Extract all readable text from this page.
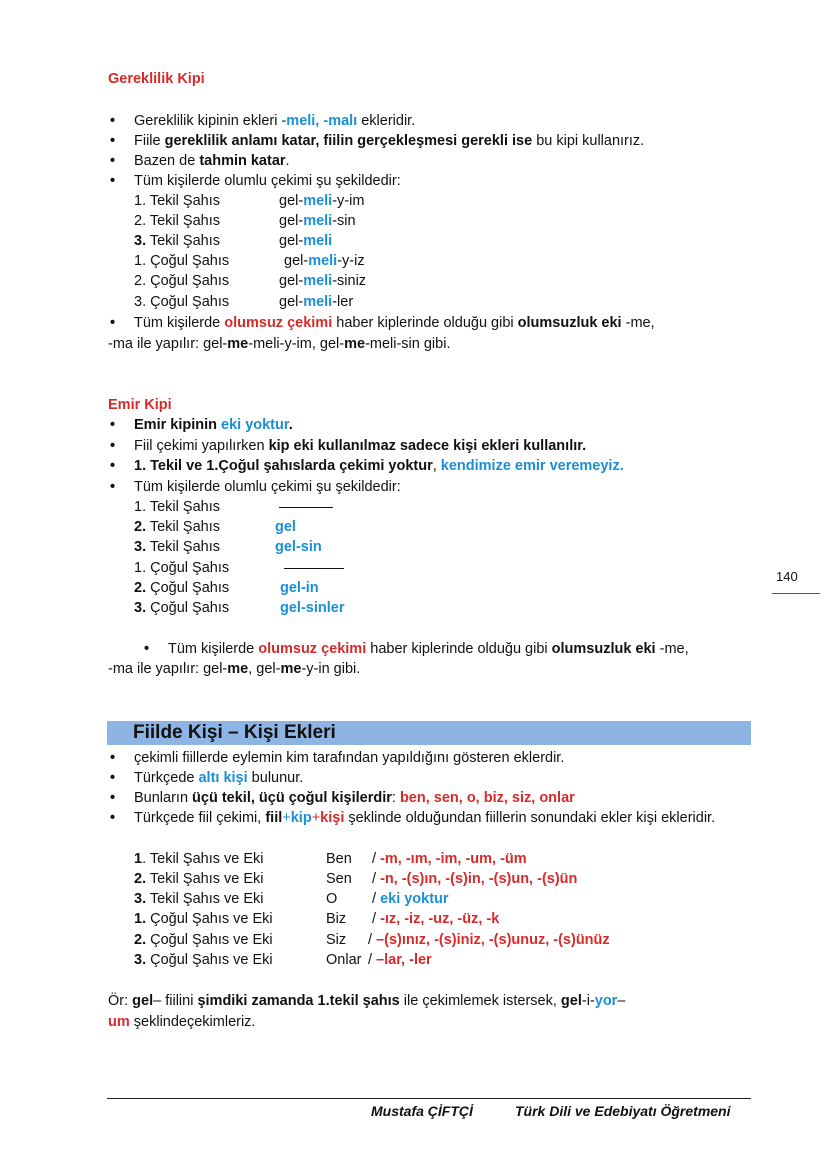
Gereklilik Kipi
• Gereklilik kipinin ekleri -meli, -malı ekleridir.
• Fiile gereklilik anlamı katar, fiilin gerçekleşmesi gerekli ise bu kipi kullanırız.
• Bazen de tahmin katar.
• Tüm kişilerde olumlu çekimi şu şekildedir:
1. Tekil Şahıs	gel-meli-y-im
2. Tekil Şahıs	gel-meli-sin
3. Tekil Şahıs	gel-meli
1. Çoğul Şahıs	gel-meli-y-iz
2. Çoğul Şahıs	gel-meli-siniz
3. Çoğul Şahıs	gel-meli-ler
• Tüm kişilerde olumsuz çekimi haber kiplerinde olduğu gibi olumsuzluk eki -me,
-ma ile yapılır: gel-me-meli-y-im, gel-me-meli-sin gibi.
Emir Kipi
• Emir kipinin eki yoktur.
• Fiil çekimi yapılırken kip eki kullanılmaz sadece kişi ekleri kullanılır.
• 1. Tekil ve 1.Çoğul şahıslarda çekimi yoktur, kendimize emir veremeyiz.
• Tüm kişilerde olumlu çekimi şu şekildedir:
1. Tekil Şahıs
2. Tekil Şahıs	gel
3. Tekil Şahıs	gel-sin
1. Çoğul Şahıs
2. Çoğul Şahıs	gel-in
3. Çoğul Şahıs	gel-sinler
• Tüm kişilerde olumsuz çekimi haber kiplerinde olduğu gibi olumsuzluk eki -me,
-ma ile yapılır: gel-me, gel-me-y-in gibi.
140
Fiilde Kişi – Kişi Ekleri
• çekimli fiillerde eylemin kim tarafından yapıldığını gösteren eklerdir.
• Türkçede altı kişi bulunur.
• Bunların üçü tekil, üçü çoğul kişilerdir: ben, sen, o, biz, siz, onlar
• Türkçede fiil çekimi, fiil+kip+kişi şeklinde olduğundan fiillerin sonundaki ekler kişi ekleridir.
1. Tekil Şahıs ve Eki	Ben / -m, -ım, -im, -um, -üm
2. Tekil Şahıs ve Eki	Sen / -n, -(s)ın, -(s)in, -(s)un, -(s)ün
3. Tekil Şahıs ve Eki	O / eki yoktur
1. Çoğul Şahıs ve Eki	Biz / -ız, -iz, -uz, -üz, -k
2. Çoğul Şahıs ve Eki	Siz / –(s)ınız, -(s)iniz, -(s)unuz, -(s)ünüz
3. Çoğul Şahıs ve Eki	Onlar / –lar, -ler
Ör: gel– fiilini şimdiki zamanda 1.tekil şahıs ile çekimlemek istersek, gel-i-yor–
um şeklindeçekimleriz.
Mustafa ÇİFTÇİ	Türk Dili ve Edebiyatı Öğretmeni
